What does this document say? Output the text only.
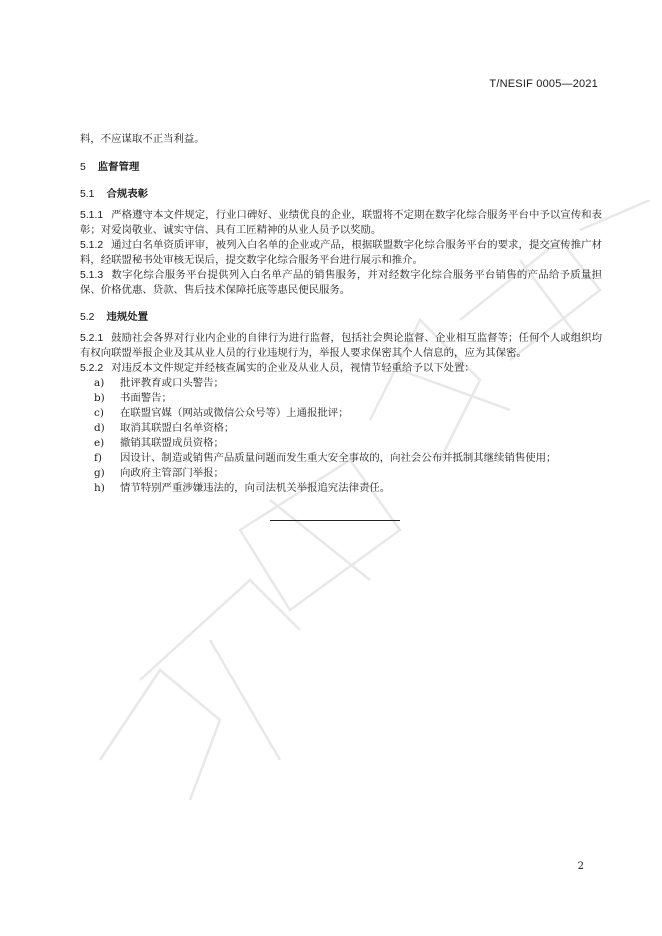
T/NESIF 0005—2021

料，不应谋取不正当利益。

5 监督管理
5.1 合规表彰

5.1.1 严格遵守本文件规定，行业口碑好、业绩优良的企业，联盟将不定期在数字化综合服务平台中予以宣传和表彰；对爱岗敬业、诚实守信、具有工匠精神的从业人员予以奖励。

5.1.2 通过白名单资质评审，被列入白名单的企业或产品，根据联盟数字化综合服务平台的要求，提交宣传推广材料，经联盟秘书处审核无误后，提交数字化综合服务平台进行展示和推介。

5.1.3 数字化综合服务平台提供列入白名单产品的销售服务，并对经数字化综合服务平台销售的产品给予质量担保、价格优惠、贷款、售后技术保障托底等惠民便民服务。

5.2 违规处置

5.2.1 鼓励社会各界对行业内企业的自律行为进行监督，包括社会舆论监督、企业相互监督等；任何个人或组织均有权向联盟举报企业及其从业人员的行业违规行为，举报人要求保密其个人信息的，应为其保密。

5.2.2 对违反本文件规定并经核查属实的企业及从业人员，视情节轻重给予以下处置：

a)	批评教育或口头警告；
b)	书面警告；
c)	在联盟官媒（网站或微信公众号等）上通报批评；
d)	取消其联盟白名单资格；
e)	撤销其联盟成员资格；
f)	因设计、制造或销售产品质量问题而发生重大安全事故的，向社会公布并抵制其继续销售使用；
g)	向政府主管部门举报；
h)	情节特别严重涉嫌违法的，向司法机关举报追究法律责任。
2
